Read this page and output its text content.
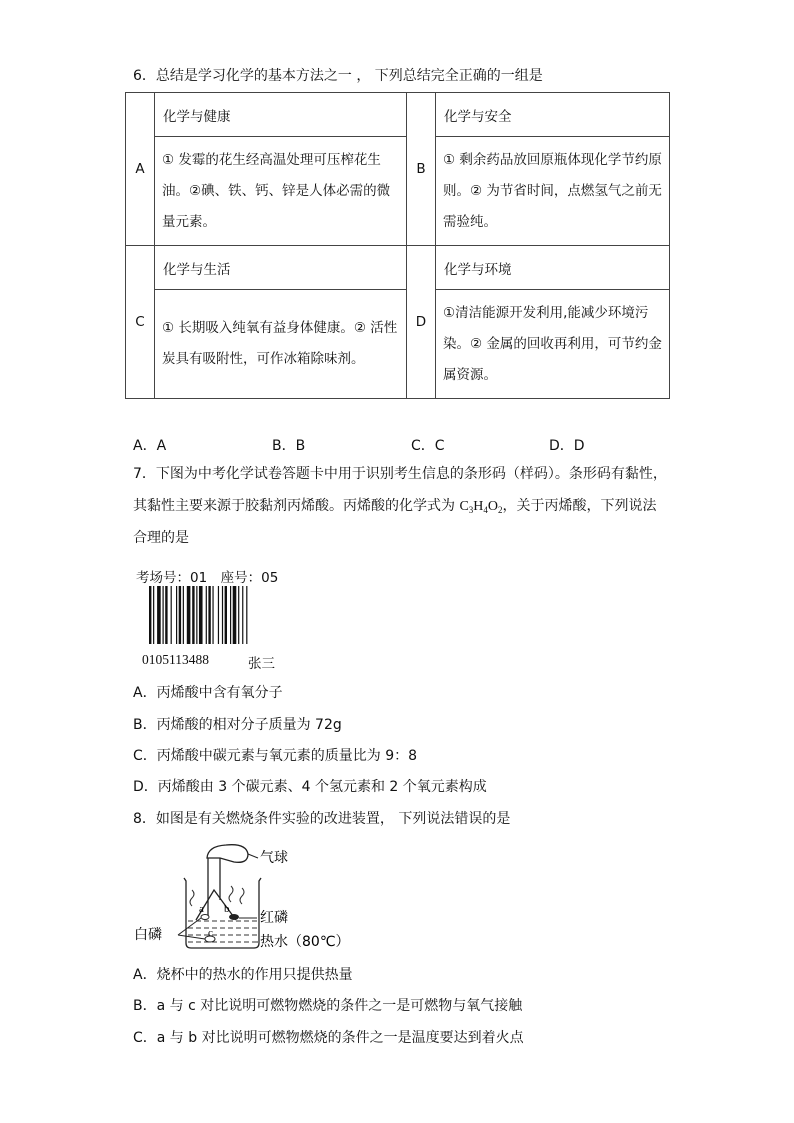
6．总结是学习化学的基本方法之一 ， 下列总结完全正确的一组是
A	化学与健康	B	化学与安全
	① 发霉的花生经高温处理可压榨花生油。②碘、铁、钙、锌是人体必需的微量元素。		① 剩余药品放回原瓶体现化学节约原则。② 为节省时间，点燃氢气之前无需验纯。
C	化学与生活	D	化学与环境
	① 长期吸入纯氧有益身体健康。② 活性炭具有吸附性，可作冰箱除味剂。		①清洁能源开发利用,能减少环境污染。② 金属的回收再利用，可节约金属资源。
A．A	B．B	C．C	D．D
7．下图为中考化学试卷答题卡中用于识别考生信息的条形码（样码）。条形码有黏性，
其黏性主要来源于胶黏剂丙烯酸。丙烯酸的化学式为 $C_3H_4O_2$，关于丙烯酸，下列说法
合理的是
考场号：01　座号：05
0105113488	张三
A．丙烯酸中含有氧分子
B．丙烯酸的相对分子质量为 72g
C．丙烯酸中碳元素与氧元素的质量比为 9：8
D．丙烯酸由 3 个碳元素、4 个氢元素和 2 个氧元素构成
8．如图是有关燃烧条件实验的改进装置， 下列说法错误的是
a b
c
气球
红磷
热水（80℃）
白磷
A．烧杯中的热水的作用只提供热量
B．a 与 c 对比说明可燃物燃烧的条件之一是可燃物与氧气接触
C．a 与 b 对比说明可燃物燃烧的条件之一是温度要达到着火点
